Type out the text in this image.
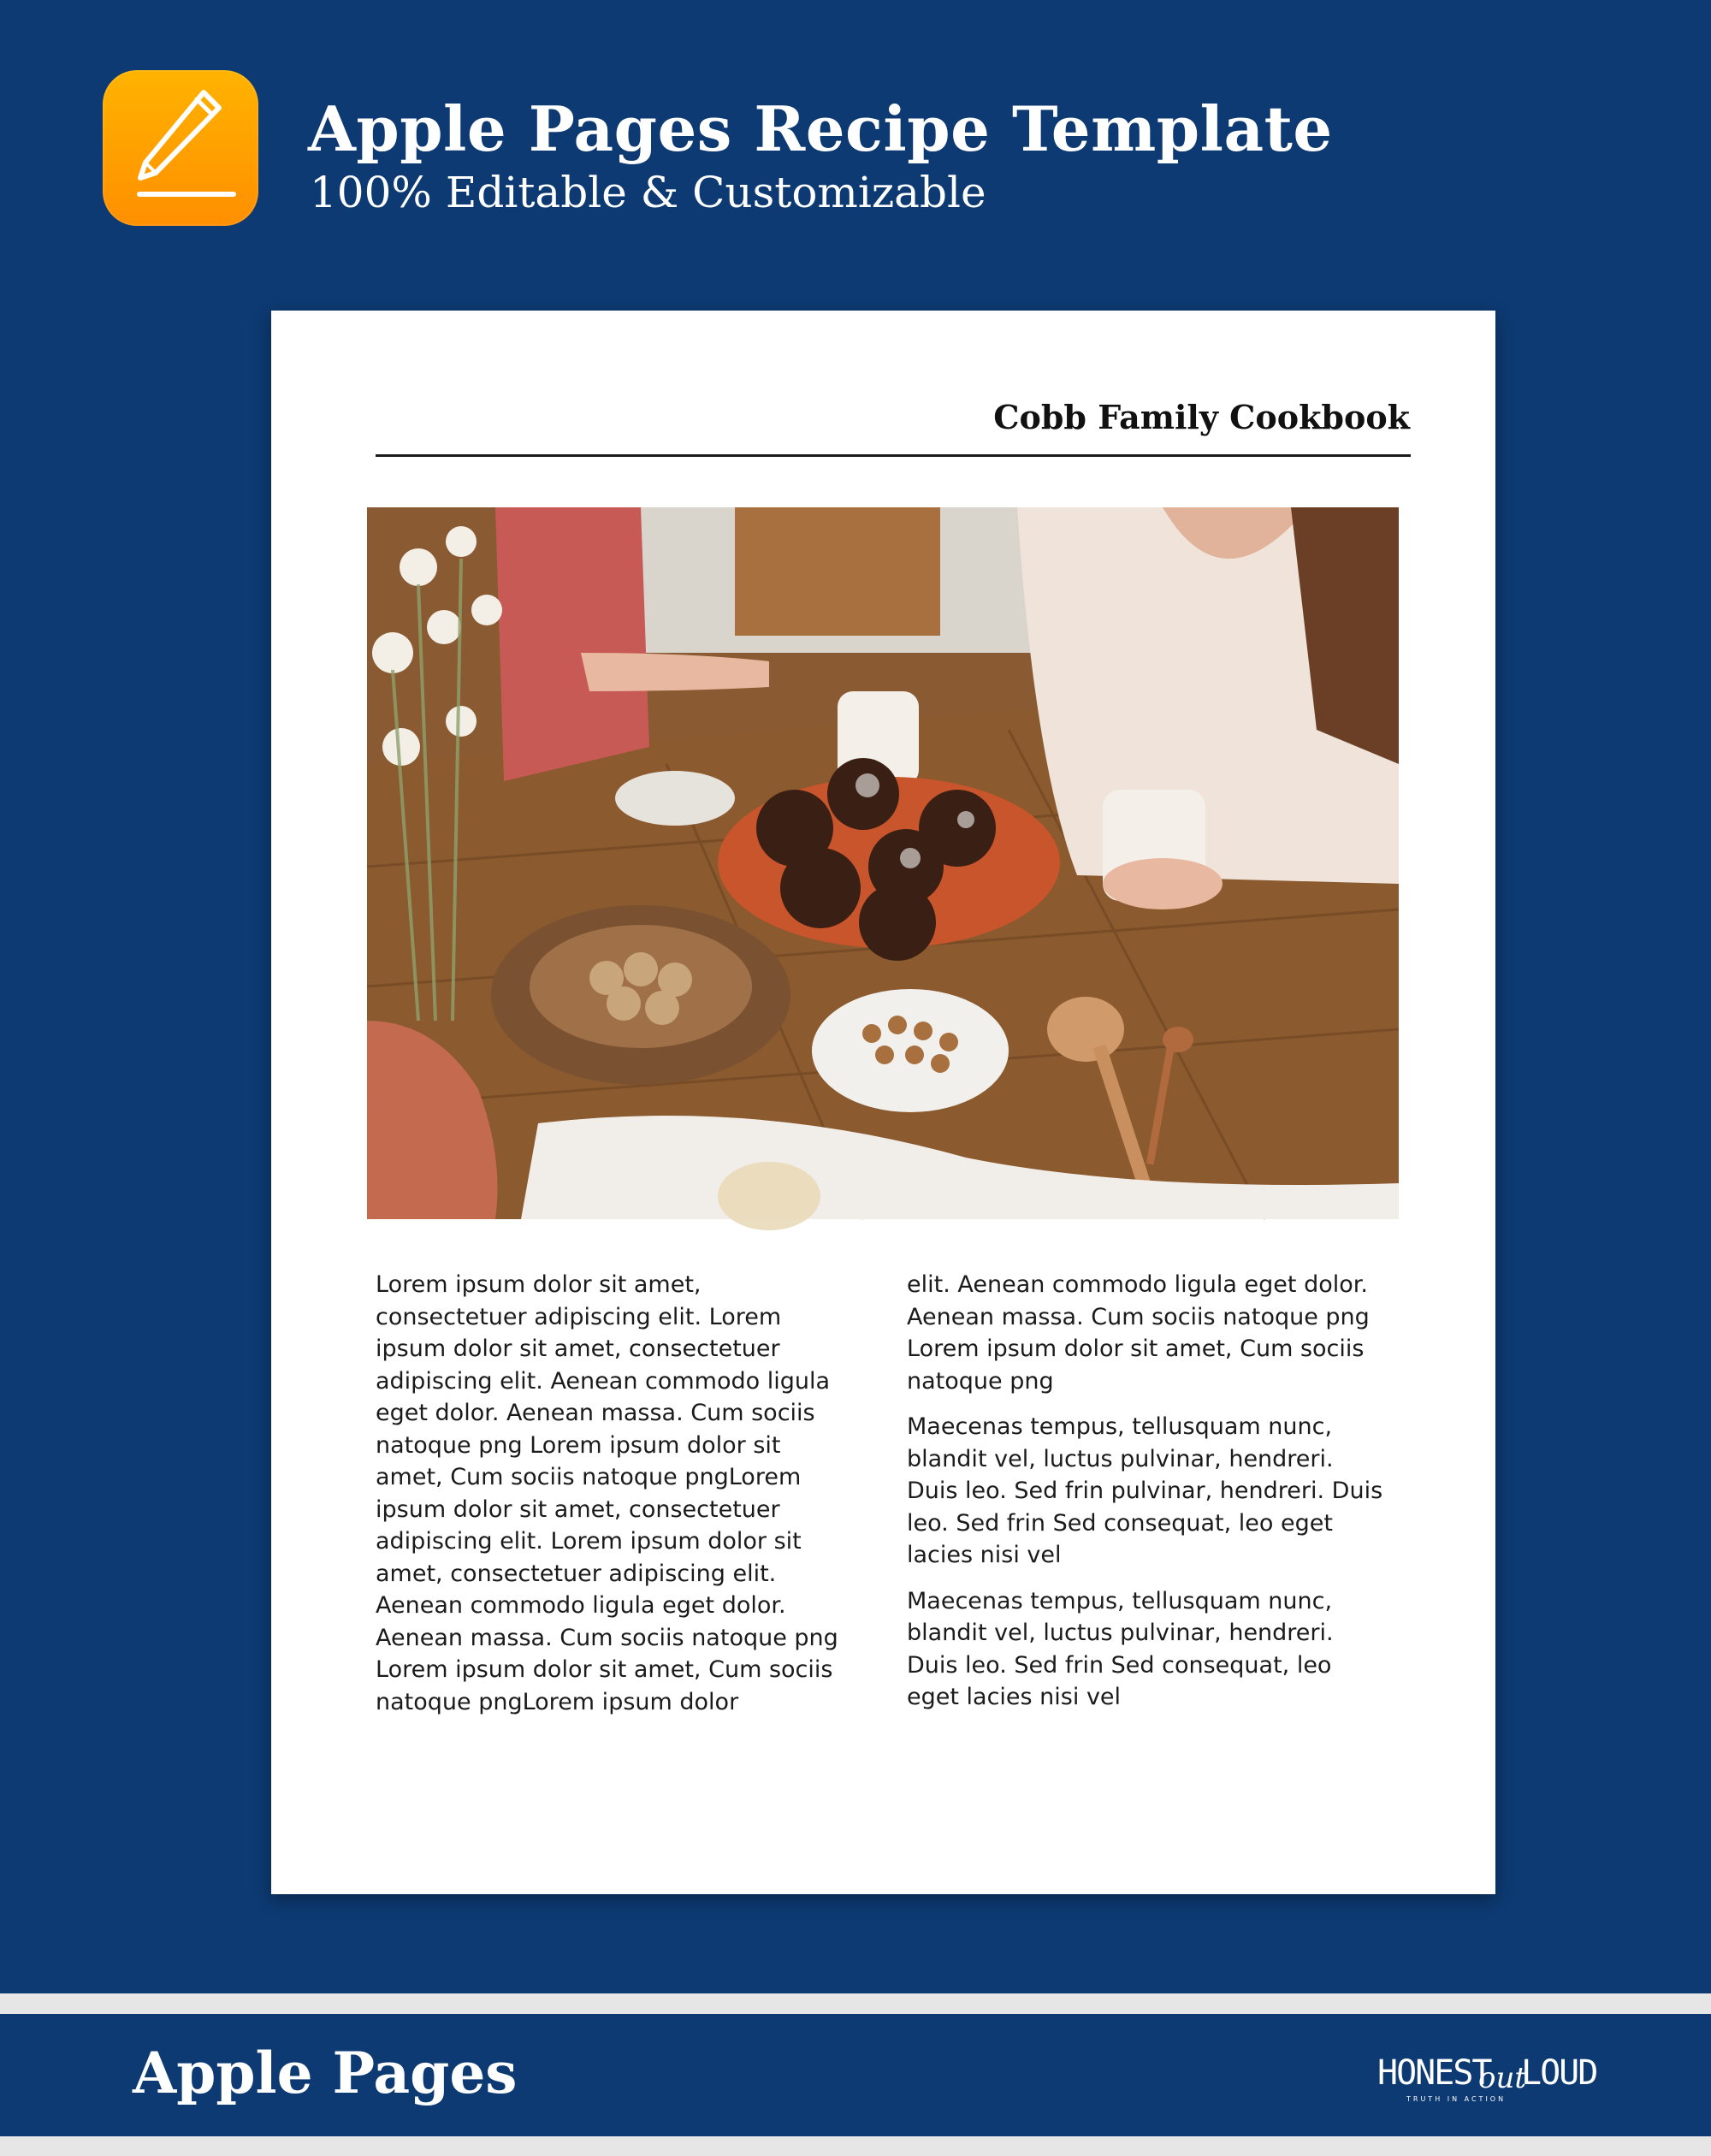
Apple Pages Recipe Template
100% Editable & Customizable
Cobb Family Cookbook

Lorem ipsum dolor sit amet, consectetuer adipiscing elit. Lorem ipsum dolor sit amet, consectetuer adipiscing elit. Aenean commodo ligula eget dolor. Aenean massa. Cum sociis natoque png Lorem ipsum dolor sit amet, Cum sociis natoque pngLorem ipsum dolor sit amet, consectetuer adipiscing elit. Lorem ipsum dolor sit amet, consectetuer adipiscing elit. Aenean commodo ligula eget dolor. Aenean massa. Cum sociis natoque png Lorem ipsum dolor sit amet, Cum sociis natoque pngLorem ipsum dolor

elit. Aenean commodo ligula eget dolor. Aenean massa. Cum sociis natoque png Lorem ipsum dolor sit amet, Cum sociis natoque png

Maecenas tempus, tellusquam nunc, blandit vel, luctus pulvinar, hendreri. Duis leo. Sed frin pulvinar, hendreri. Duis leo. Sed frin Sed consequat, leo eget lacies nisi vel

Maecenas tempus, tellusquam nunc, blandit vel, luctus pulvinar, hendreri. Duis leo. Sed frin Sed consequat, leo eget lacies nisi vel

Apple Pages	HONEST
out
LOUD
TRUTH IN ACTION
